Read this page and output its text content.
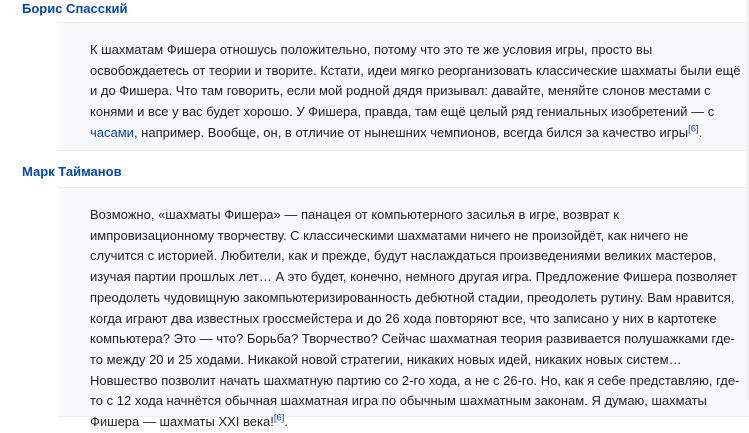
Борис Спасский

К шахматам Фишера отношусь положительно, потому что это те же условия игры, просто вы освобождаетесь от теории и творите. Кстати, идеи мягко реорганизовать классические шахматы были ещё и до Фишера. Что там говорить, если мой родной дядя призывал: давайте, меняйте слонов местами с конями и все у вас будет хорошо. У Фишера, правда, там ещё целый ряд гениальных изобретений — с часами, например. Вообще, он, в отличие от нынешних чемпионов, всегда бился за качество игры[6].

Марк Тайманов

Возможно, «шахматы Фишера» — панацея от компьютерного засилья в игре, возврат к импровизационному творчеству. С классическими шахматами ничего не произойдёт, как ничего не случится с историей. Любители, как и прежде, будут наслаждаться произведениями великих мастеров, изучая партии прошлых лет… А это будет, конечно, немного другая игра. Предложение Фишера позволяет преодолеть чудовищную закомпьютеризированность дебютной стадии, преодолеть рутину. Вам нравится, когда играют два известных гроссмейстера и до 26 хода повторяют все, что записано у них в картотеке компьютера? Это — что? Борьба? Творчество? Сейчас шахматная теория развивается полушажками где-то между 20 и 25 ходами. Никакой новой стратегии, никаких новых идей, никаких новых систем… Новшество позволит начать шахматную партию со 2-го хода, а не с 26-го. Но, как я себе представляю, где-то с 12 хода начнётся обычная шахматная игра по обычным шахматным законам. Я думаю, шахматы Фишера — шахматы XXI века![6].
